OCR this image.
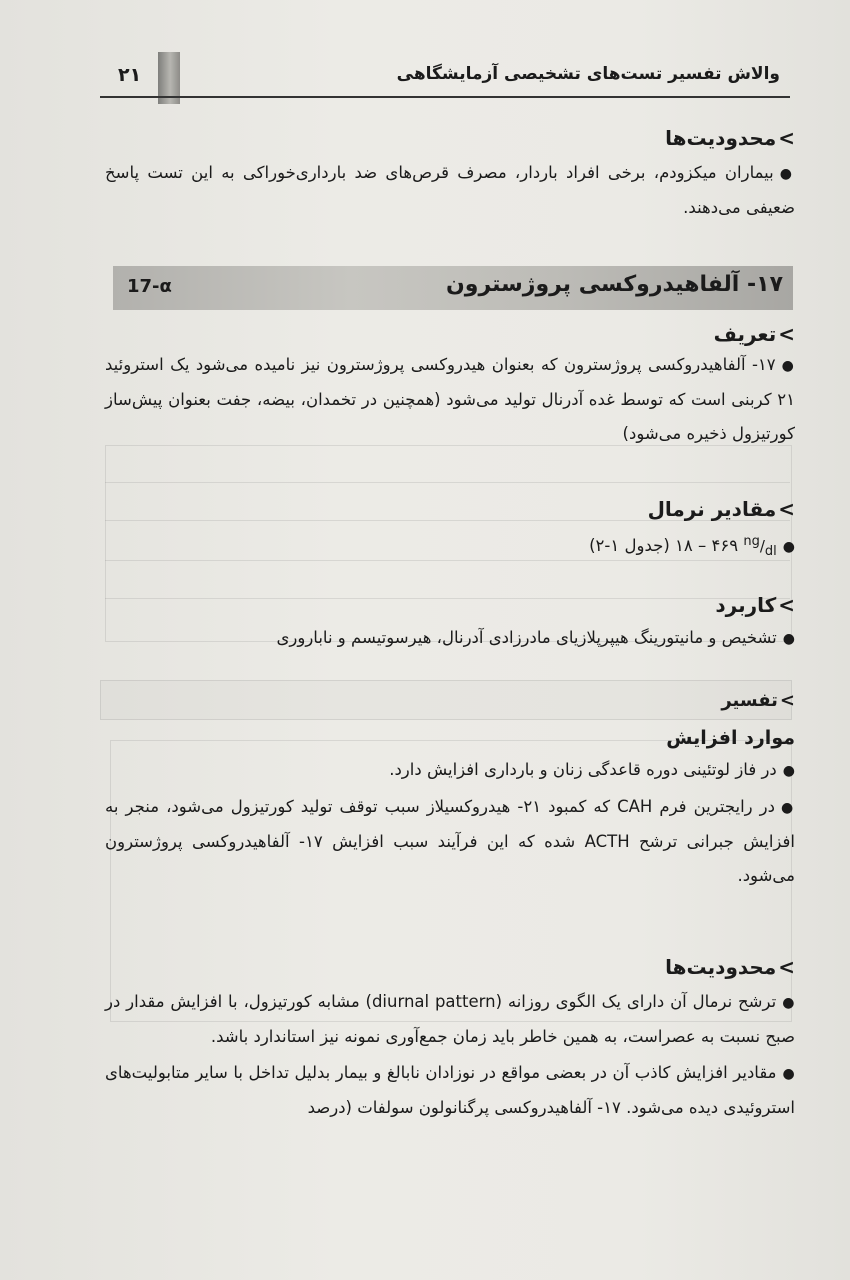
والاش تفسیر تست‌های تشخیصی آزمایشگاهی
۲۱

>محدودیت‌ها

●بیماران میکزودم، برخی افراد باردار، مصرف قرص‌های ضد بارداری‌خوراکی به این تست پاسخ ضعیفی می‌دهند.

۱۷- آلفاهیدروکسی پروژسترون
17-α

>تعریف

●۱۷- آلفاهیدروکسی پروژسترون که بعنوان هیدروکسی پروژسترون نیز نامیده می‌شود یک استروئید ۲۱ کربنی است که توسط غده آدرنال تولید می‌شود (همچنین در تخمدان، بیضه، جفت بعنوان پیش‌ساز کورتیزول ذخیره می‌شود)

>مقادیر نرمال

$●^{ng}/_{dl}$ ۴۶۹ – ۱۸ (جدول ۱-۲)

>کاربرد

●تشخیص و مانیتورینگ هیپرپلازیای مادرزادی آدرنال، هیرسوتیسم و ناباروری

>تفسیر

موارد افزایش

●در فاز لوتئینی دوره قاعدگی زنان و بارداری افزایش دارد.

●در رایجترین فرم CAH که کمبود ۲۱- هیدروکسیلاز سبب توقف تولید کورتیزول می‌شود، منجر به افزایش جبرانی ترشح ACTH شده که این فرآیند سبب افزایش ۱۷- آلفاهیدروکسی پروژسترون می‌شود.

>محدودیت‌ها

●ترشح نرمال آن دارای یک الگوی روزانه (diurnal pattern) مشابه کورتیزول، با افزایش مقدار در صبح نسبت به عصراست، به همین خاطر باید زمان جمع‌آوری نمونه نیز استاندارد باشد.

●مقادیر افزایش کاذب آن در بعضی مواقع در نوزادان نابالغ و بیمار بدلیل تداخل با سایر متابولیت‌های استروئیدی دیده می‌شود. ۱۷- آلفاهیدروکسی پرگنانولون سولفات (درصد
